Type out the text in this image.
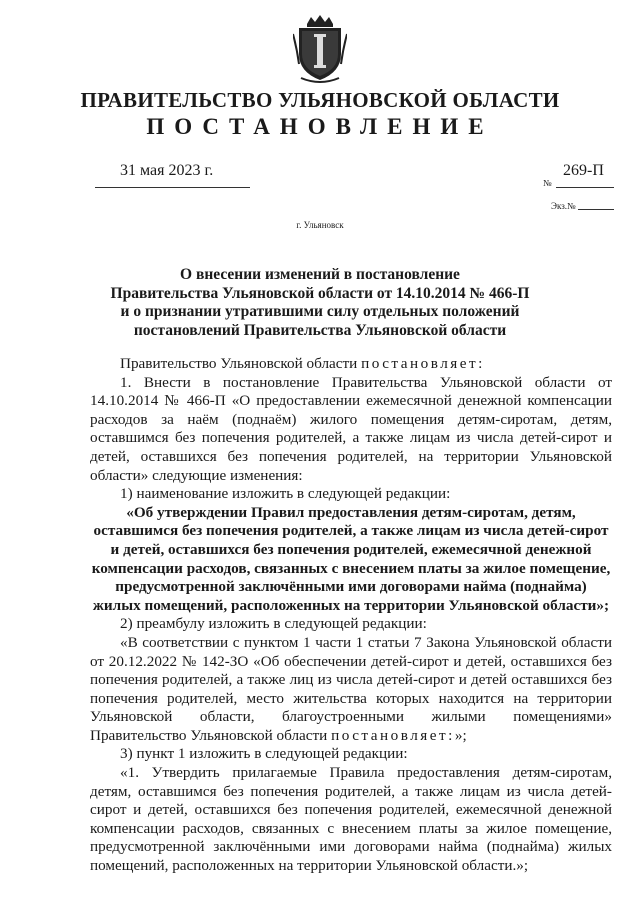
ПРАВИТЕЛЬСТВО УЛЬЯНОВСКОЙ ОБЛАСТИ
ПОСТАНОВЛЕНИЕ
31 мая 2023 г.	269-П
№
Экз.№
г. Ульяновск
О внесении изменений в постановление
Правительства Ульяновской области от 14.10.2014 № 466-П
и о признании утратившими силу отдельных положений
постановлений Правительства Ульяновской области

Правительство Ульяновской области постановляет:

1. Внести в постановление Правительства Ульяновской области от 14.10.2014 № 466-П «О предоставлении ежемесячной денежной компенсации расходов за наём (поднаём) жилого помещения детям-сиротам, детям, оставшимся без попечения родителей, а также лицам из числа детей-сирот и детей, оставшихся без попечения родителей, на территории Ульяновской области» следующие изменения:

1) наименование изложить в следующей редакции:

«Об утверждении Правил предоставления детям-сиротам, детям, оставшимся без попечения родителей, а также лицам из числа детей-сирот и детей, оставшихся без попечения родителей, ежемесячной денежной компенсации расходов, связанных с внесением платы за жилое помещение, предусмотренной заключёнными ими договорами найма (поднайма) жилых помещений, расположенных на территории Ульяновской области»;

2) преамбулу изложить в следующей редакции:

«В соответствии с пунктом 1 части 1 статьи 7 Закона Ульяновской области от 20.12.2022 № 142-ЗО «Об обеспечении детей-сирот и детей, оставшихся без попечения родителей, а также лиц из числа детей-сирот и детей оставшихся без попечения родителей, место жительства которых находится на территории Ульяновской области, благоустроенными жилыми помещениями» Правительство Ульяновской области постановляет:»;

3) пункт 1 изложить в следующей редакции:

«1. Утвердить прилагаемые Правила предоставления детям-сиротам, детям, оставшимся без попечения родителей, а также лицам из числа детей-сирот и детей, оставшихся без попечения родителей, ежемесячной денежной компенсации расходов, связанных с внесением платы за жилое помещение, предусмотренной заключёнными ими договорами найма (поднайма) жилых помещений, расположенных на территории Ульяновской области.»;
